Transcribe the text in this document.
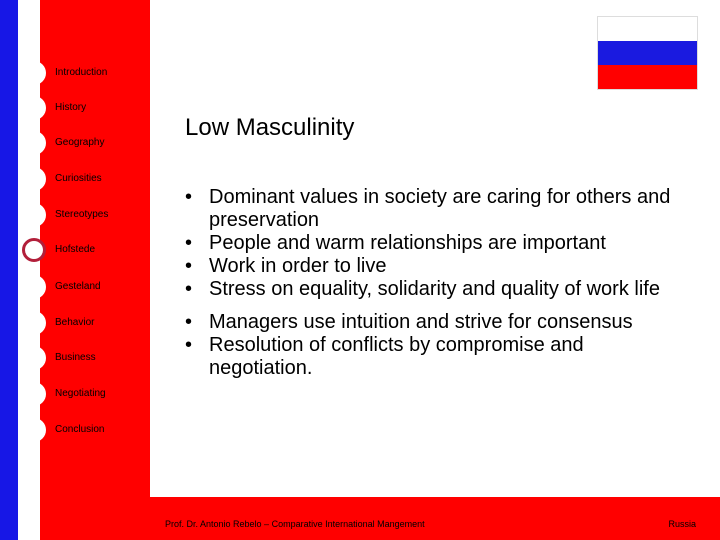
Introduction
History
Geography
Curiosities
Stereotypes
Hofstede
Gesteland
Behavior
Business
Negotiating
Conclusion
Low Masculinity
• Dominant values in society are caring for others and preservation
• People and warm relationships are important
• Work in order to live
• Stress on equality, solidarity and quality of work life
• Managers use intuition and strive for consensus
• Resolution of conflicts by compromise and negotiation.
Prof. Dr. Antonio Rebelo – Comparative International Mangement	Russia
